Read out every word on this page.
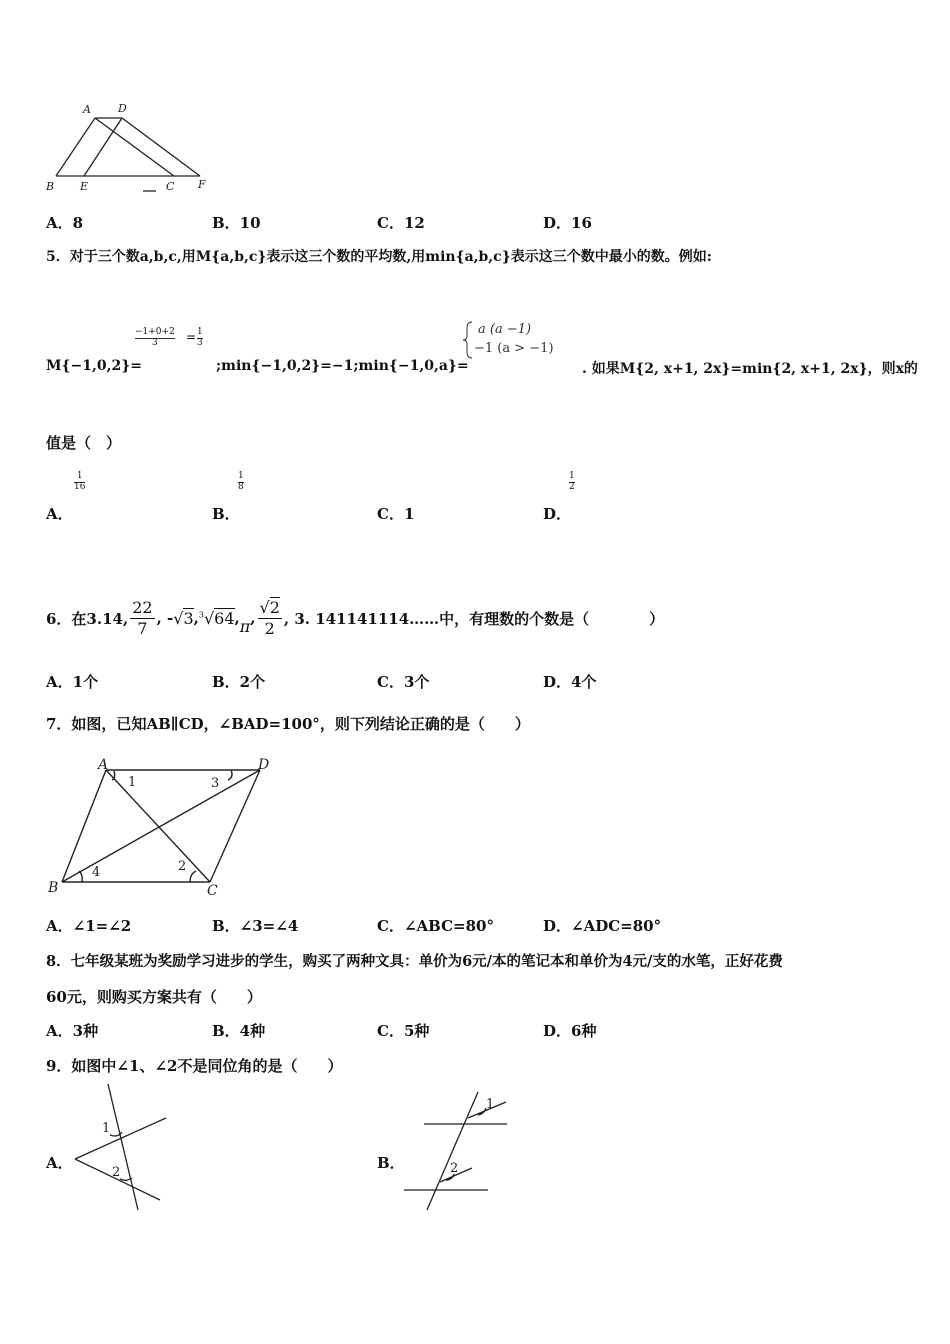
A D
B E	C F
A．8	B．10	C．12	D．16
5．对于三个数a,b,c,用M{a,b,c}表示这三个数的平均数,用min{a,b,c}表示这三个数中最小的数。例如:
M{−1,0,2}=
$\frac{-1+0+2}{3} = \frac{1}{3}$
;min{−1,0,2}=−1;min{−1,0,a}=
a (a −1)
−1 (a > −1)
. 如果M{2, x+1, 2x}=min{2, x+1, 2x}，则x的
值是（　）
A．
$\frac{1}{16}$
B．
$\frac{1}{8}$
C．1	D．
$\frac{1}{2}$
6．在3.14, $\frac{22}{7}$ , - √3 , $^3$√64 , π , $\frac{√2}{2}$ , 3. 141141114……中，有理数的个数是（　　　　）
A．1个	B．2个	C．3个	D．4个
7．如图，已知AB∥CD，∠BAD=100°，则下列结论正确的是（　　）
A	D
B	C
1
2
3
4
A．∠1=∠2	B．∠3=∠4	C．∠ABC=80°	D．∠ADC=80°
8．七年级某班为奖励学习进步的学生，购买了两种文具：单价为6元/本的笔记本和单价为4元/支的水笔，正好花费
60元，则购买方案共有（　　）
A．3种	B．4种	C．5种	D．6种
9．如图中∠1、∠2不是同位角的是（　　）
A．
1
2
B．
1
2
